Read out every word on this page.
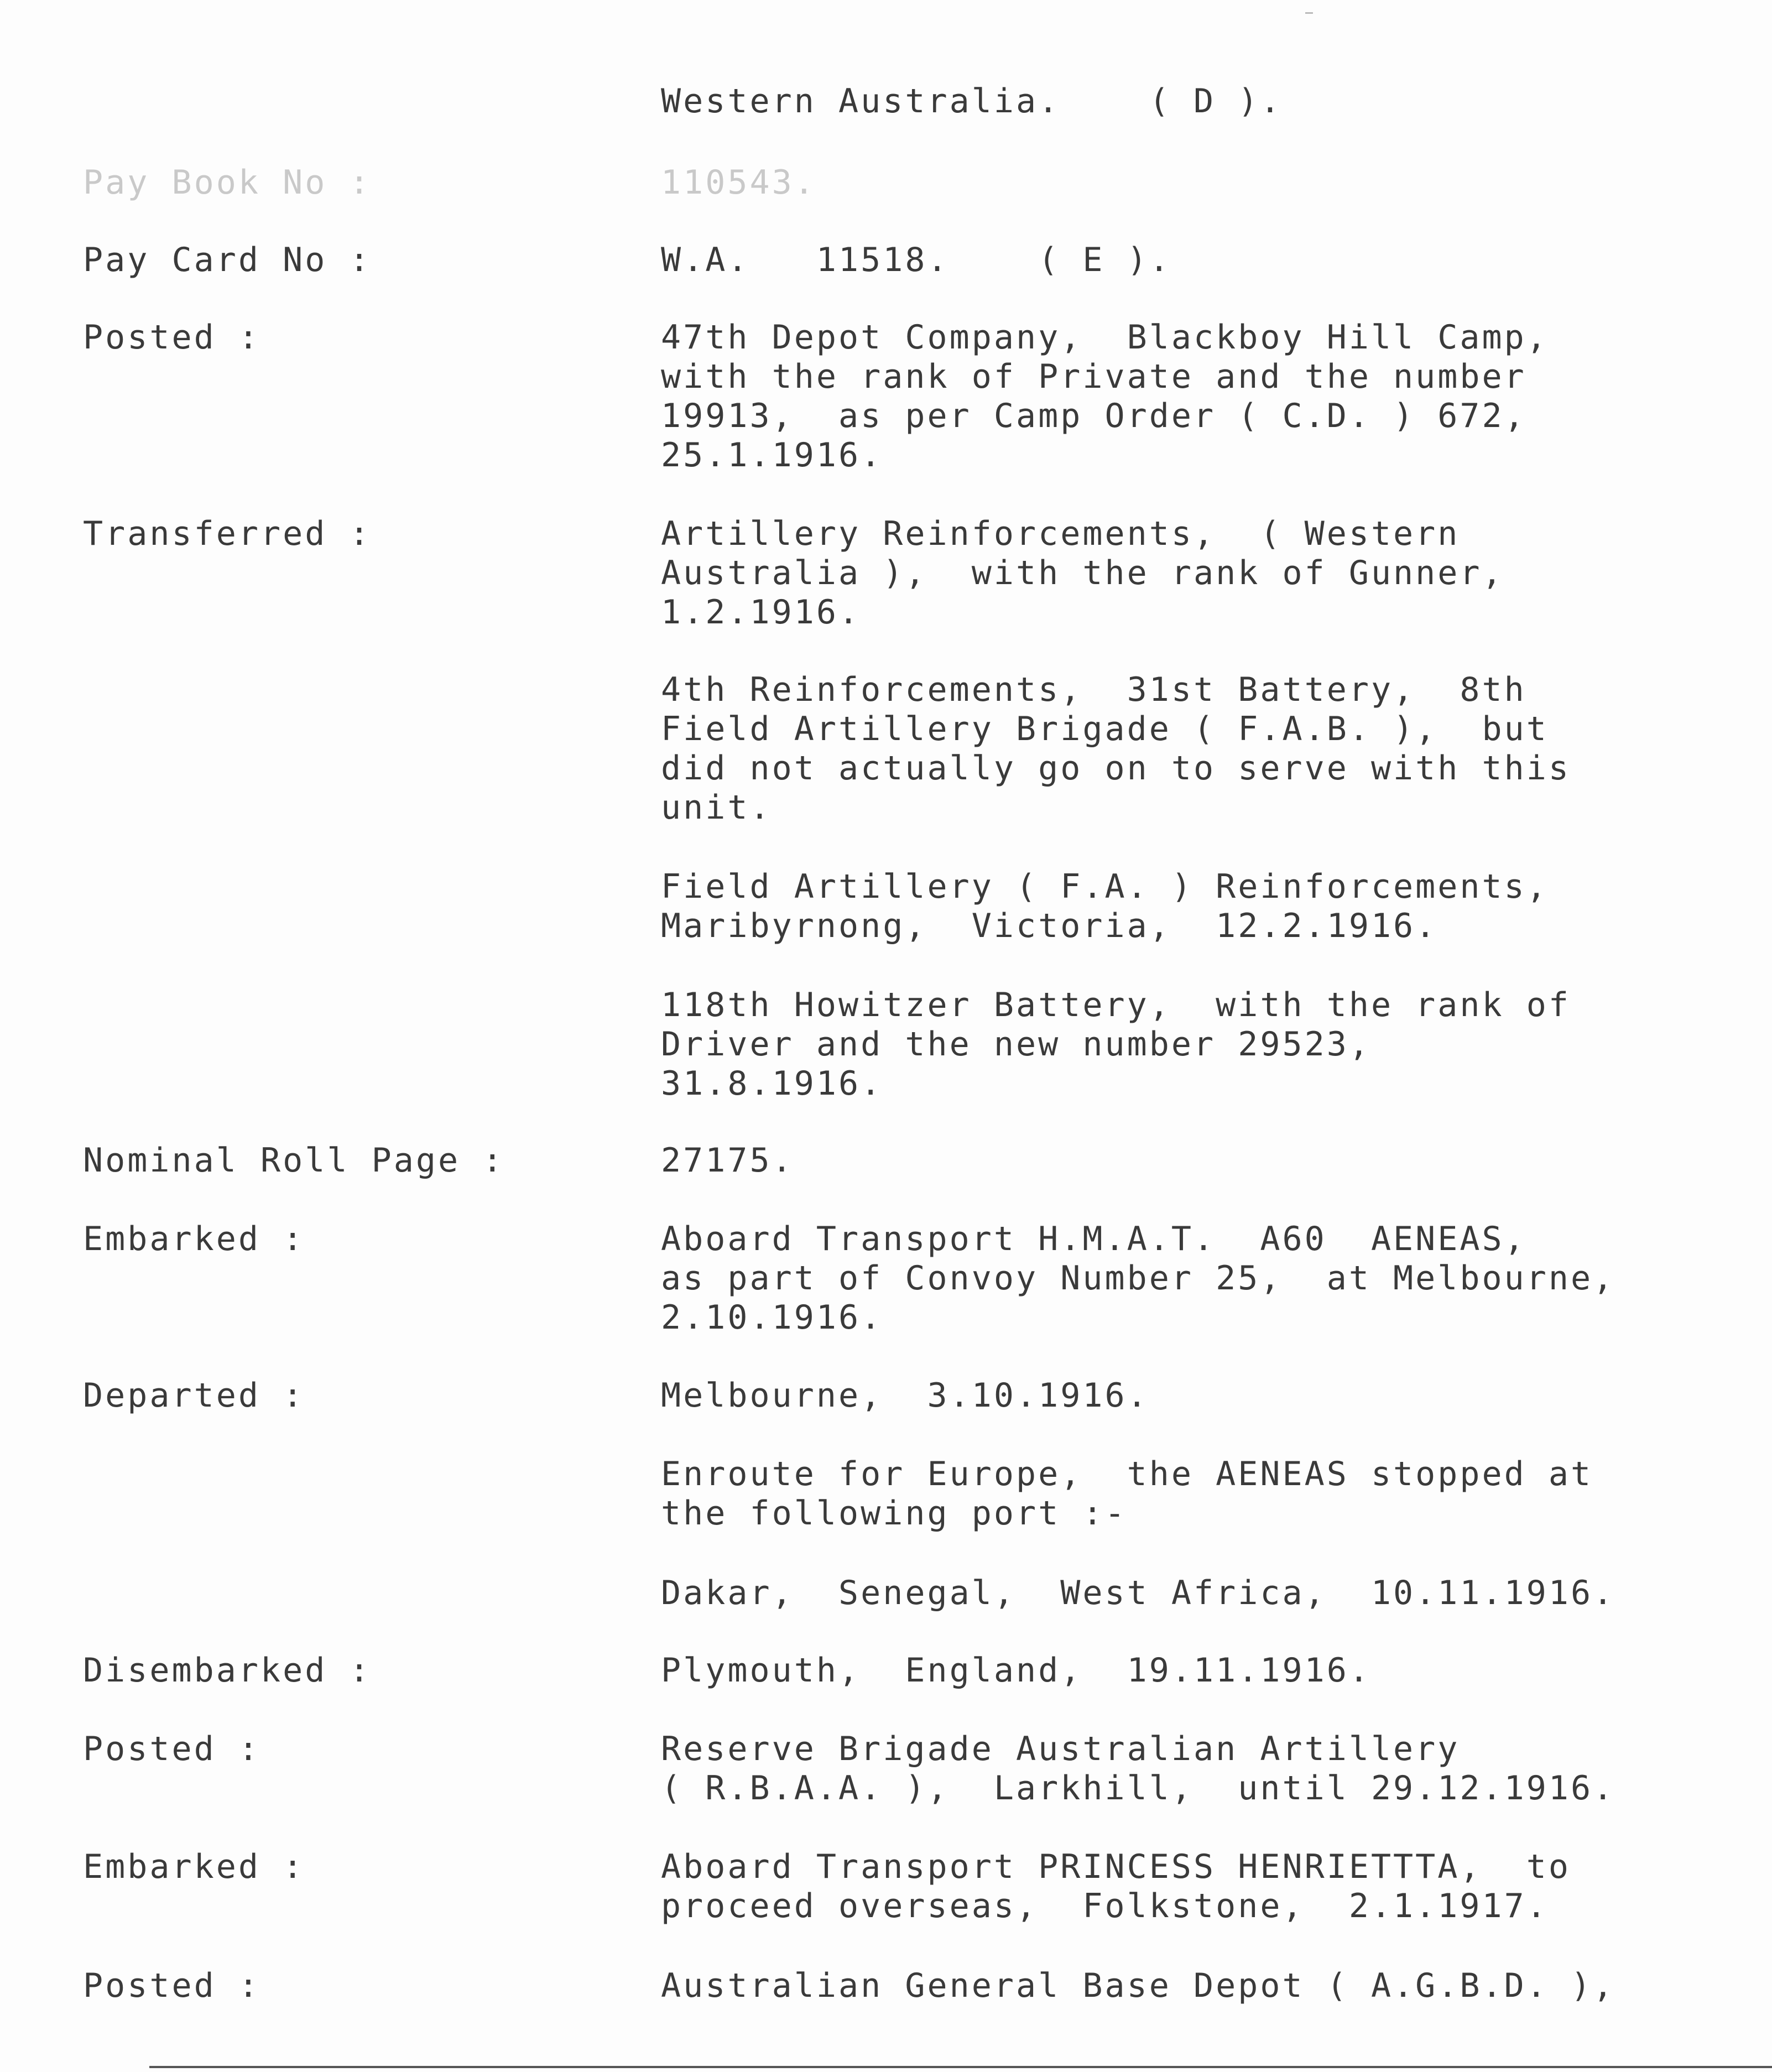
Western Australia.    ( D ).
Pay Book No :	110543.
Pay Card No :	W.A.   11518.    ( E ).
Posted :	47th Depot Company,  Blackboy Hill Camp,
with the rank of Private and the number
19913,  as per Camp Order ( C.D. ) 672,
25.1.1916.
Transferred :	Artillery Reinforcements,  ( Western
Australia ),  with the rank of Gunner,
1.2.1916.
4th Reinforcements,  31st Battery,  8th
Field Artillery Brigade ( F.A.B. ),  but
did not actually go on to serve with this
unit.
Field Artillery ( F.A. ) Reinforcements,
Maribyrnong,  Victoria,  12.2.1916.
118th Howitzer Battery,  with the rank of
Driver and the new number 29523,
31.8.1916.
Nominal Roll Page :	27175.
Embarked :	Aboard Transport H.M.A.T.  A60  AENEAS,
as part of Convoy Number 25,  at Melbourne,
2.10.1916.
Departed :	Melbourne,  3.10.1916.
Enroute for Europe,  the AENEAS stopped at
the following port :-
Dakar,  Senegal,  West Africa,  10.11.1916.
Disembarked :	Plymouth,  England,  19.11.1916.
Posted :	Reserve Brigade Australian Artillery
( R.B.A.A. ),  Larkhill,  until 29.12.1916.
Embarked :	Aboard Transport PRINCESS HENRIETTTA,  to
proceed overseas,  Folkstone,  2.1.1917.
Posted :	Australian General Base Depot ( A.G.B.D. ),
